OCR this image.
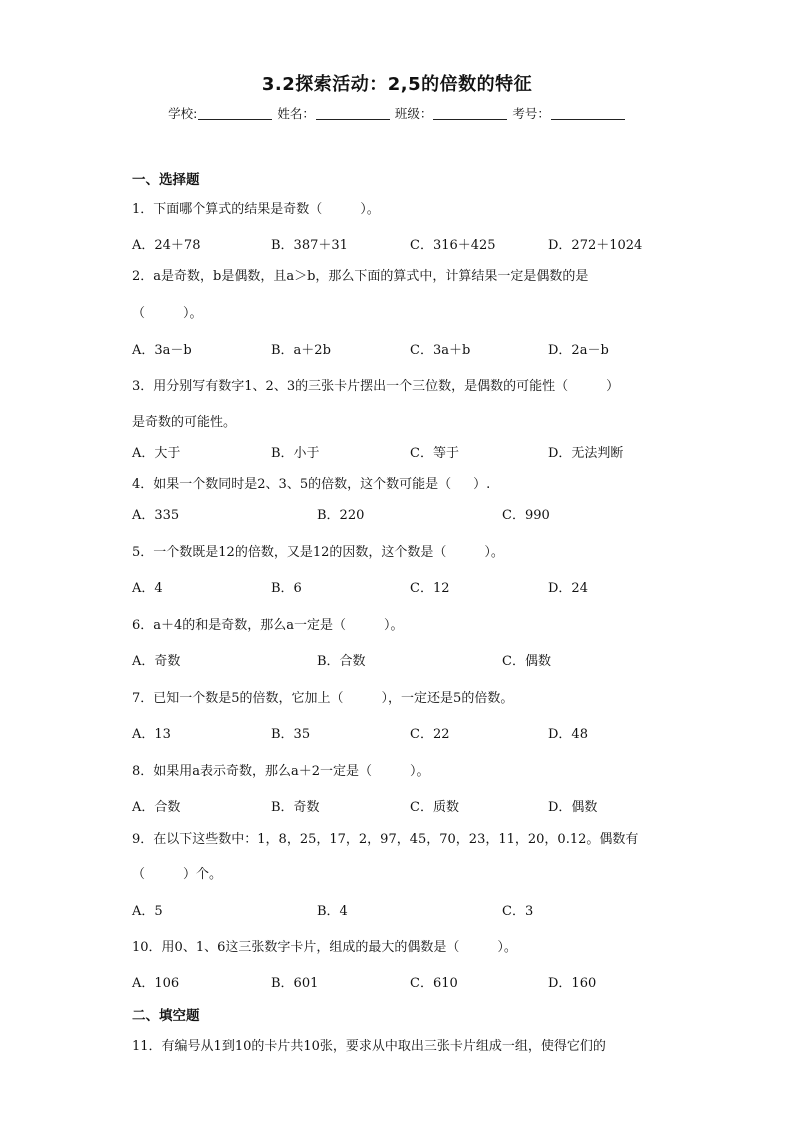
3.2探索活动：2,5的倍数的特征
学校:	姓名：	班级：	考号：
一、选择题
1．下面哪个算式的结果是奇数（	）。
A．24＋78	B．387＋31	C．316＋425	D．272＋1024
2．a是奇数，b是偶数，且a＞b，那么下面的算式中，计算结果一定是偶数的是
（	）。
A．3a－b	B．a＋2b	C．3a＋b	D．2a－b
3．用分别写有数字1、2、3的三张卡片摆出一个三位数，是偶数的可能性（	）
是奇数的可能性。
A．大于	B．小于	C．等于	D．无法判断
4．如果一个数同时是2、3、5的倍数，这个数可能是（ ）.
A．335	B．220	C．990
5．一个数既是12的倍数，又是12的因数，这个数是（	）。
A．4	B．6	C．12	D．24
6．a＋4的和是奇数，那么a一定是（	）。
A．奇数	B．合数	C．偶数
7．已知一个数是5的倍数，它加上（	），一定还是5的倍数。
A．13	B．35	C．22	D．48
8．如果用a表示奇数，那么a＋2一定是（	）。
A．合数	B．奇数	C．质数	D．偶数
9．在以下这些数中：1，8，25，17，2，97，45，70，23，11，20，0.12。偶数有
（	）个。
A．5	B．4	C．3
10．用0、1、6这三张数字卡片，组成的最大的偶数是（	）。
A．106	B．601	C．610	D．160
二、填空题
11．有编号从1到10的卡片共10张，要求从中取出三张卡片组成一组，使得它们的
